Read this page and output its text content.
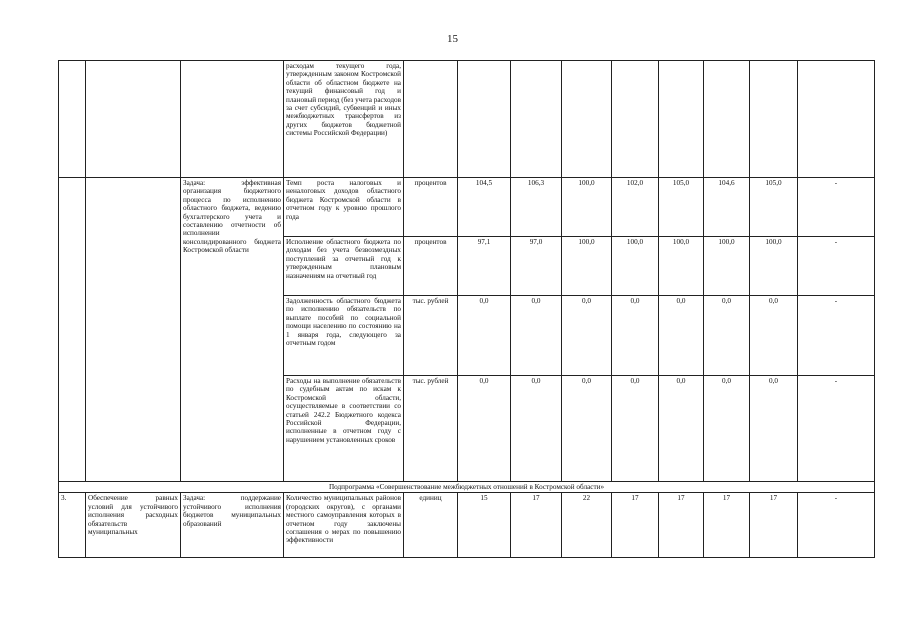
15
			расходам текущего года, утвержденным законом Костромской области об областном бюджете на текущий финансовый год и плановый период (без учета расходов за счет субсидий, субвенций и иных межбюджетных трансфертов из других бюджетов бюджетной системы Российской Федерации)									
		Задача: эффективная организация бюджетного процесса по исполнению областного бюджета, ведению бухгалтерского учета и составлению отчетности об исполнении консолидированного бюджета Костромской области	Темп роста налоговых и неналоговых доходов областного бюджета Костромской области в отчетном году к уровню прошлого года	процентов	104,5	106,3	100,0	102,0	105,0	104,6	105,0	-
			Исполнение областного бюджета по доходам без учета безвозмездных поступлений за отчетный год к утвержденным плановым назначениям на отчетный год	процентов	97,1	97,0	100,0	100,0	100,0	100,0	100,0	-
			Задолженность областного бюджета по исполнению обязательств по выплате пособий по социальной помощи населению по состоянию на 1 января года, следующего за отчетным годом	тыс. рублей	0,0	0,0	0,0	0,0	0,0	0,0	0,0	-
			Расходы на выполнение обязательств по судебным актам по искам к Костромской области, осуществляемые в соответствии со статьей 242.2 Бюджетного кодекса Российской Федерации, исполненные в отчетном году с нарушением установленных сроков	тыс. рублей	0,0	0,0	0,0	0,0	0,0	0,0	0,0	-
Подпрограмма «Совершенствование межбюджетных отношений в Костромской области»												
3.	Обеспечение равных условий для устойчивого исполнения расходных обязательств муниципальных	Задача: поддержание устойчивого исполнения бюджетов муниципальных образований	Количество муниципальных районов (городских округов), с органами местного самоуправления которых в отчетном году заключены соглашения о мерах по повышению эффективности	единиц	15	17	22	17	17	17	17	-
